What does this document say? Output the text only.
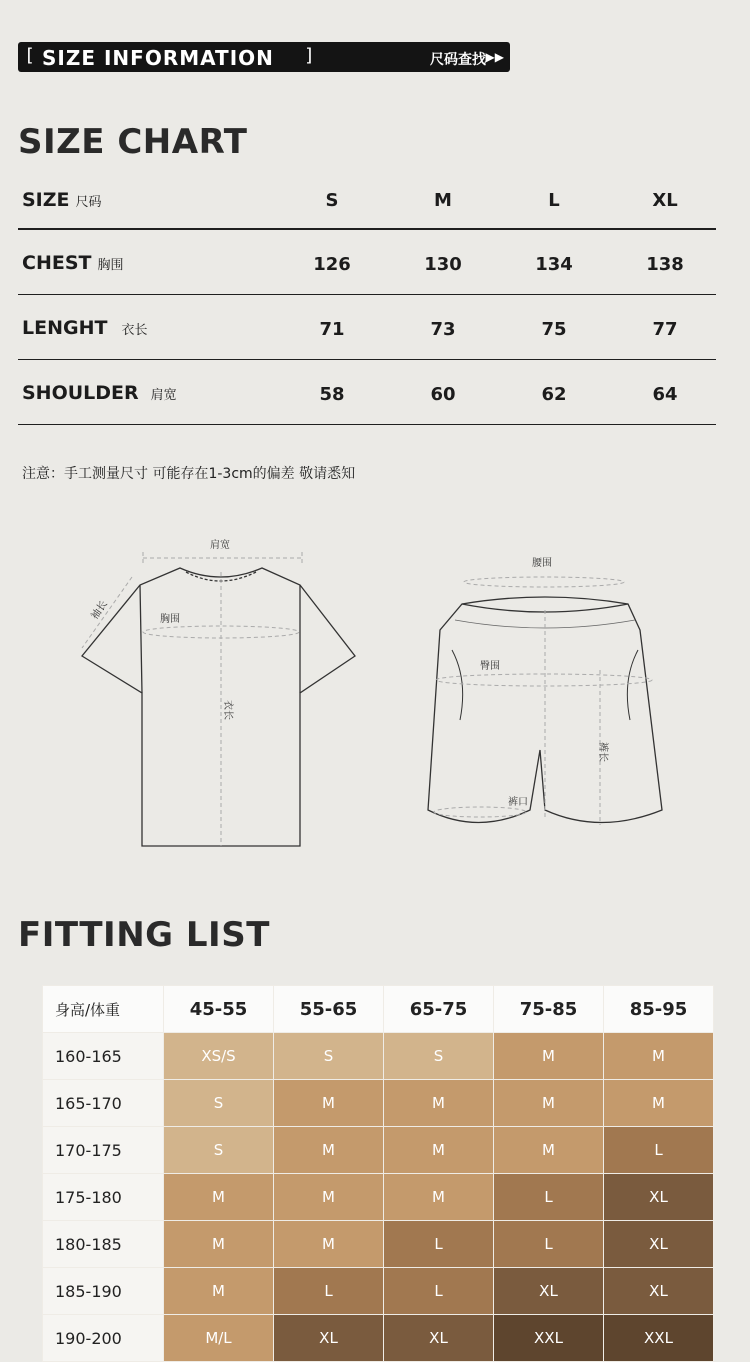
[ SIZE INFORMATION ]	尺码查找 ▶▶
SIZE CHART
SIZE 尺码	S	M	L	XL
CHEST 胸围	126	130	134	138
LENGHT 衣长	71	73	75	77
SHOULDER 肩宽	58	60	62	64
注意：手工测量尺寸 可能存在1-3cm的偏差 敬请悉知
肩宽
胸围
衣长
袖长
腰围
臀围
裤长
裤口
FITTING LIST
身高/体重	45-55	55-65	65-75	75-85	85-95
160-165	XS/S	S	S	M	M
165-170	S	M	M	M	M
170-175	S	M	M	M	L
175-180	M	M	M	L	XL
180-185	M	M	L	L	XL
185-190	M	L	L	XL	XL
190-200	M/L	XL	XL	XXL	XXL
